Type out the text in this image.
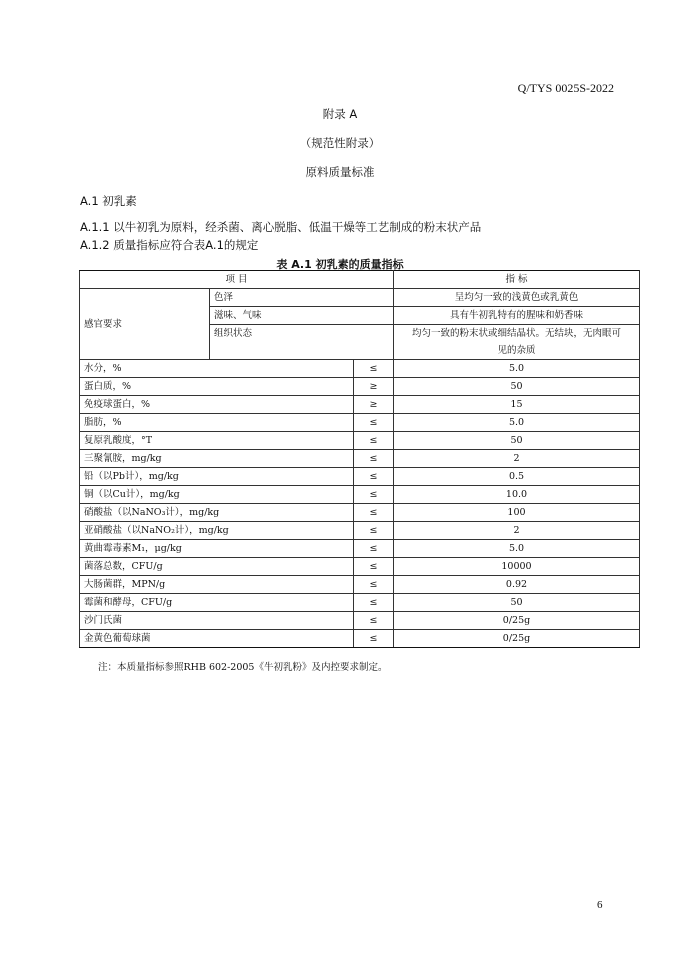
Q/TYS 0025S-2022
附录 A
（规范性附录）
原料质量标准
A.1 初乳素
A.1.1 以牛初乳为原料，经杀菌、离心脱脂、低温干燥等工艺制成的粉末状产品
A.1.2 质量指标应符合表A.1的规定
表 A.1 初乳素的质量指标
项 目			指 标
感官要求	色泽		呈均匀一致的浅黄色或乳黄色
	滋味、气味		具有牛初乳特有的腥味和奶香味
	组织状态		均匀一致的粉末状或细结晶状。无结块，无肉眼可
见的杂质

水分，%		≤	5.0
蛋白质，%		≥	50
免疫球蛋白，%		≥	15
脂肪，%		≤	5.0
复原乳酸度，°T		≤	50
三聚氰胺，mg/kg		≤	2
铅（以Pb计），mg/kg		≤	0.5
铜（以Cu计），mg/kg		≤	10.0
硝酸盐（以NaNO₃计），mg/kg		≤	100
亚硝酸盐（以NaNO₂计），mg/kg		≤	2
黄曲霉毒素M₁，μg/kg		≤	5.0
菌落总数，CFU/g		≤	10000
大肠菌群，MPN/g		≤	0.92
霉菌和酵母，CFU/g		≤	50
沙门氏菌		≤	0/25g
金黄色葡萄球菌		≤	0/25g
注：本质量指标参照RHB 602-2005《牛初乳粉》及内控要求制定。
6
